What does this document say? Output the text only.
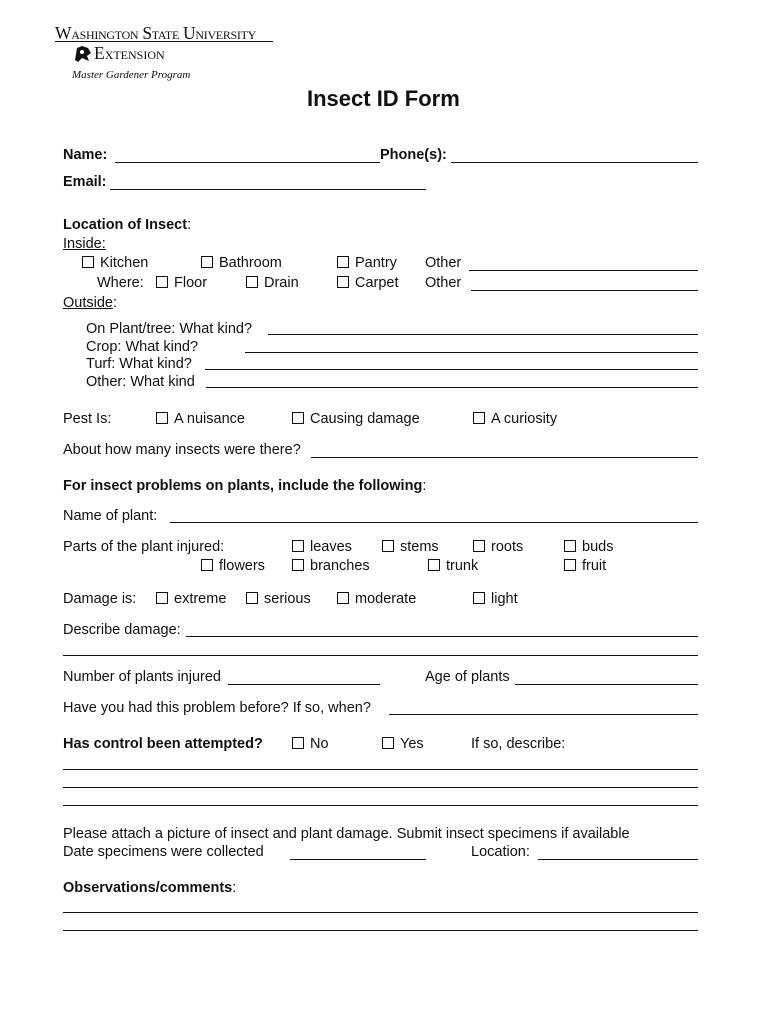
Washington State University
Extension
Master Gardener Program
Insect ID Form
Name:	Phone(s):
Email:
Location of Insect:
Inside:
Kitchen	Bathroom	Pantry Other
Where:	Floor	Drain	Carpet Other
Outside:
On Plant/tree: What kind?
Crop: What kind?
Turf: What kind?
Other: What kind
Pest Is:	A nuisance	Causing damage	A curiosity
About how many insects were there?
For insect problems on plants, include the following:
Name of plant:
Parts of the plant injured:	leaves	stems	roots	buds
flowers	branches	trunk	fruit
Damage is:	extreme	serious	moderate	light
Describe damage:
Number of plants injured	Age of plants
Have you had this problem before? If so, when?
Has control been attempted?	No	Yes	If so, describe:
Please attach a picture of insect and plant damage. Submit insect specimens if available
Date specimens were collected	Location:
Observations/comments:
